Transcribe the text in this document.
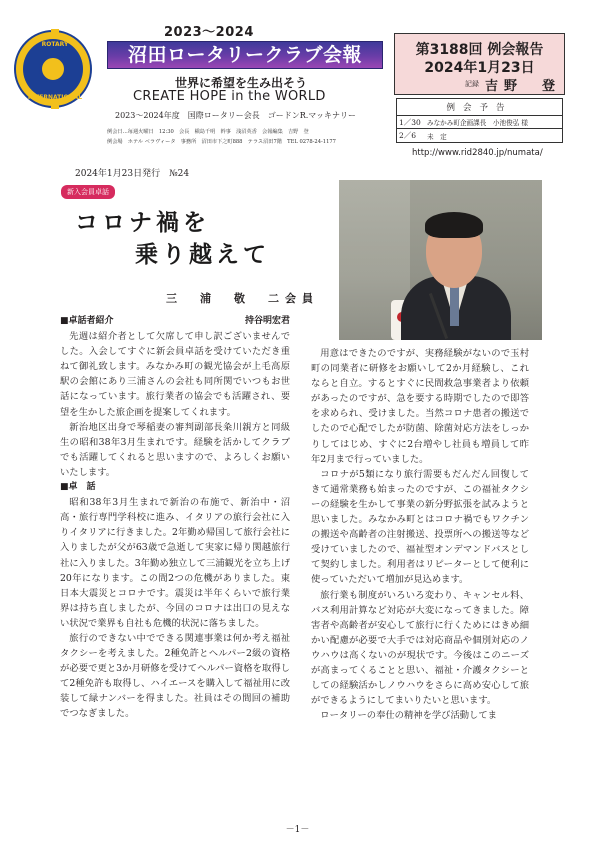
ROTARY
INTERNATIONAL
2023〜2024
沼田ロータリークラブ会報
世界に希望を生み出そう
CREATE HOPE in the WORLD
2023〜2024年度　国際ロータリー会長　ゴードンR.マッキナリー
例会日…毎週火曜日　12:30　会長　槇島千明　幹事　浅沼英香　会報編集　吉野　登
例会場　ホテル ベラヴィータ　事務所　沼田市下之町888　テラス沼田7階　TEL 0278-24-1177
第3188回 例会報告
2024年1月23日
記録 吉野　登
例会予告
1／30 みなかみ町企画課長　小池俊弘 様
2／6	未　定
http://www.rid2840.jp/numata/
2024年1月23日発行　№24
新入会員卓話
コロナ禍を
乗り越えて
三　浦　敬　二会員
■卓話者紹介	持谷明宏君

先週は紹介者として欠席して申し訳ございませんでした。入会してすぐに新会員卓話を受けていただき重ねて御礼致します。みなかみ町の観光協会が上毛高原駅の会館にあり三浦さんの会社も同所関でいつもお世話になっています。旅行業者の協会でも活躍され、要望を生かした旅企画を提案してくれます。

新治地区出身で琴稲妻の審判副部長粂川親方と同級生の昭和38年3月生まれです。経験を活かしてクラブでも活躍してくれると思いますので、よろしくお願いいたします。

■卓　話

昭和38年3月生まれで新治の布施で、新治中・沼高・旅行専門学科校に進み、イタリアの旅行会社に入りイタリアに行きました。2年勤め帰国して旅行会社に入りましたが父が63歳で急逝して実家に帰り関越旅行社に入りました。3年勤め独立して三浦観光を立ち上げ20年になります。この間2つの危機がありました。東日本大震災とコロナです。震災は半年くらいで旅行業界は持ち直しましたが、今回のコロナは出口の見えない状況で業界も自社も危機的状況に落ちました。

旅行のできない中でできる関連事業は何か考え福祉タクシーを考えました。2種免許とヘルパー2級の資格が必要で更と3か月研修を受けてヘルパー資格を取得して2種免許も取得し、ハイエースを購入して福祉用に改装して緑ナンバーを得ました。社員はその間回の補助でつなぎました。

用意はできたのですが、実務経験がないので玉村町の同業者に研修をお願いして2か月経験し、これならと自立。するとすぐに民間救急事業者より依頼があったのですが、急を要する時期でしたので即答を求められ、受けました。当然コロナ患者の搬送でしたので心配でしたが防菌、除菌対応方法をしっかりしてはじめ、すぐに2台増やし社員も増員して昨年2月まで行っていました。

コロナが5類になり旅行需要もだんだん回復してきて通常業務も始まったのですが、この福祉タクシーの経験を生かして事業の新分野拡張を試みようと思いました。みなかみ町とはコロナ禍でもワクチンの搬送や高齢者の注射搬送、投票所への搬送等など受けていましたので、福祉型オンデマンドバスとして契約しました。利用者はリピーターとして便利に使っていただいて増加が見込めます。

旅行業も制度がいろいろ変わり、キャンセル料、バス利用計算など対応が大変になってきました。障害者や高齢者が安心して旅行に行くためにはきめ細かい配慮が必要で大手では対応商品や個別対応のノウハウは高くないのが現状です。今後はこのニーズが高まってくることと思い、福祉・介護タクシーとしての経験活かしノウハウをさらに高め安心して旅ができるようにしてまいりたいと思います。

ロータリーの奉仕の精神を学び活動してま

－1－
